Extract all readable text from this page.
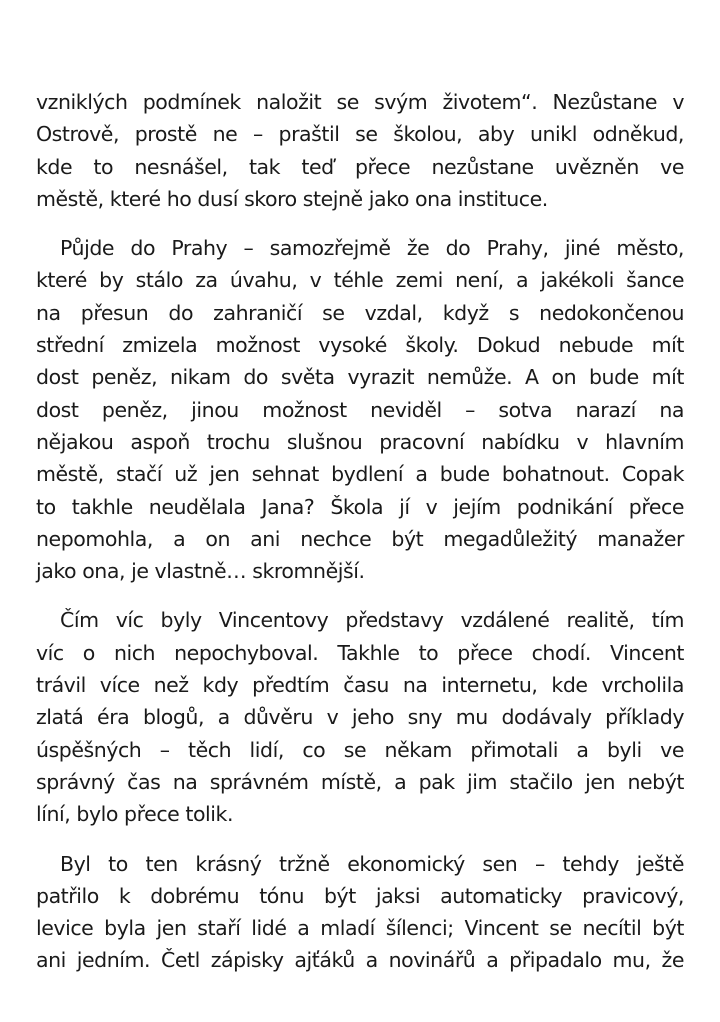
vzniklých podmínek naložit se svým životem“. Nezůstane v
Ostrově, prostě ne – praštil se školou, aby unikl odněkud,
kde to nesnášel, tak teď přece nezůstane uvězněn ve
městě, které ho dusí skoro stejně jako ona instituce.

Půjde do Prahy – samozřejmě že do Prahy, jiné město,
které by stálo za úvahu, v téhle zemi není, a jakékoli šance
na přesun do zahraničí se vzdal, když s nedokončenou
střední zmizela možnost vysoké školy. Dokud nebude mít
dost peněz, nikam do světa vyrazit nemůže. A on bude mít
dost peněz, jinou možnost neviděl – sotva narazí na
nějakou aspoň trochu slušnou pracovní nabídku v hlavním
městě, stačí už jen sehnat bydlení a bude bohatnout. Copak
to takhle neudělala Jana? Škola jí v jejím podnikání přece
nepomohla, a on ani nechce být megadůležitý manažer
jako ona, je vlastně… skromnější.

Čím víc byly Vincentovy představy vzdálené realitě, tím
víc o nich nepochyboval. Takhle to přece chodí. Vincent
trávil více než kdy předtím času na internetu, kde vrcholila
zlatá éra blogů, a důvěru v jeho sny mu dodávaly příklady
úspěšných – těch lidí, co se někam přimotali a byli ve
správný čas na správném místě, a pak jim stačilo jen nebýt
líní, bylo přece tolik.

Byl to ten krásný tržně ekonomický sen – tehdy ještě
patřilo k dobrému tónu být jaksi automaticky pravicový,
levice byla jen staří lidé a mladí šílenci; Vincent se necítil být
ani jedním. Četl zápisky ajťáků a novinářů a připadalo mu, že
